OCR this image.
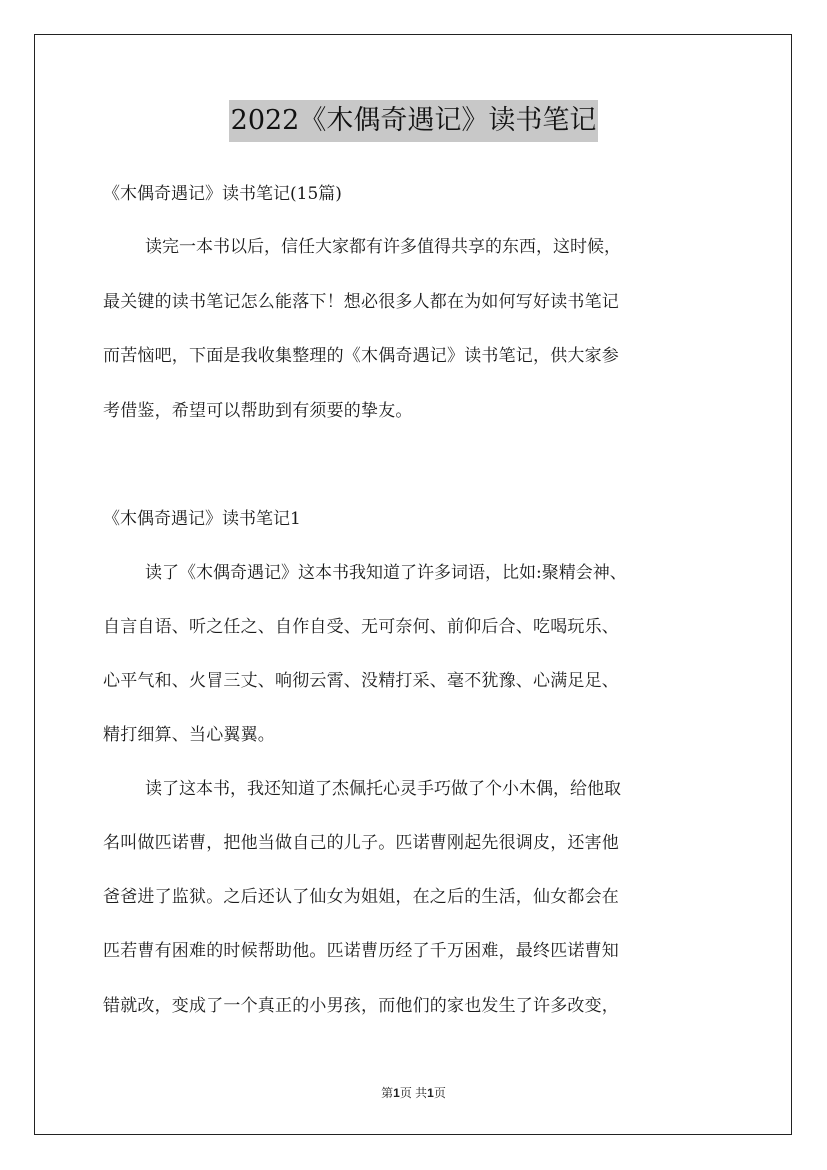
2022《木偶奇遇记》读书笔记
《木偶奇遇记》读书笔记(15篇)
读完一本书以后，信任大家都有许多值得共享的东西，这时候，
最关键的读书笔记怎么能落下！想必很多人都在为如何写好读书笔记
而苦恼吧，下面是我收集整理的《木偶奇遇记》读书笔记，供大家参
考借鉴，希望可以帮助到有须要的挚友。
《木偶奇遇记》读书笔记1
读了《木偶奇遇记》这本书我知道了许多词语，比如:聚精会神、
自言自语、听之任之、自作自受、无可奈何、前仰后合、吃喝玩乐、
心平气和、火冒三丈、响彻云霄、没精打采、毫不犹豫、心满足足、
精打细算、当心翼翼。
读了这本书，我还知道了杰佩托心灵手巧做了个小木偶，给他取
名叫做匹诺曹，把他当做自己的儿子。匹诺曹刚起先很调皮，还害他
爸爸进了监狱。之后还认了仙女为姐姐，在之后的生活，仙女都会在
匹若曹有困难的时候帮助他。匹诺曹历经了千万困难，最终匹诺曹知
错就改，变成了一个真正的小男孩，而他们的家也发生了许多改变，
第1页 共1页
